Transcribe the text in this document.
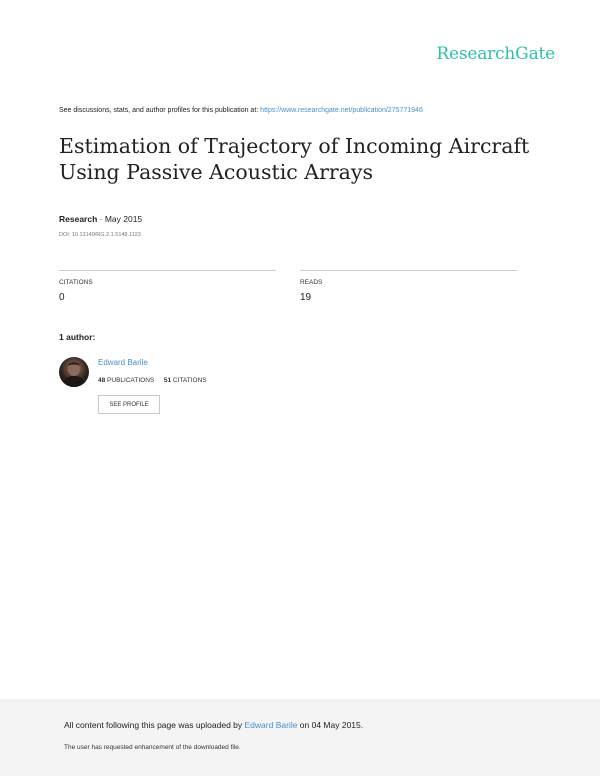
ResearchGate
See discussions, stats, and author profiles for this publication at: https://www.researchgate.net/publication/275771946
Estimation of Trajectory of Incoming Aircraft Using Passive Acoustic Arrays
Research · May 2015
DOI: 10.13140/RG.2.1.5148.1123
CITATIONS
0
READS
19
1 author:
Edward Barile
48 PUBLICATIONS 51 CITATIONS
SEE PROFILE
All content following this page was uploaded by Edward Barile on 04 May 2015.
The user has requested enhancement of the downloaded file.
